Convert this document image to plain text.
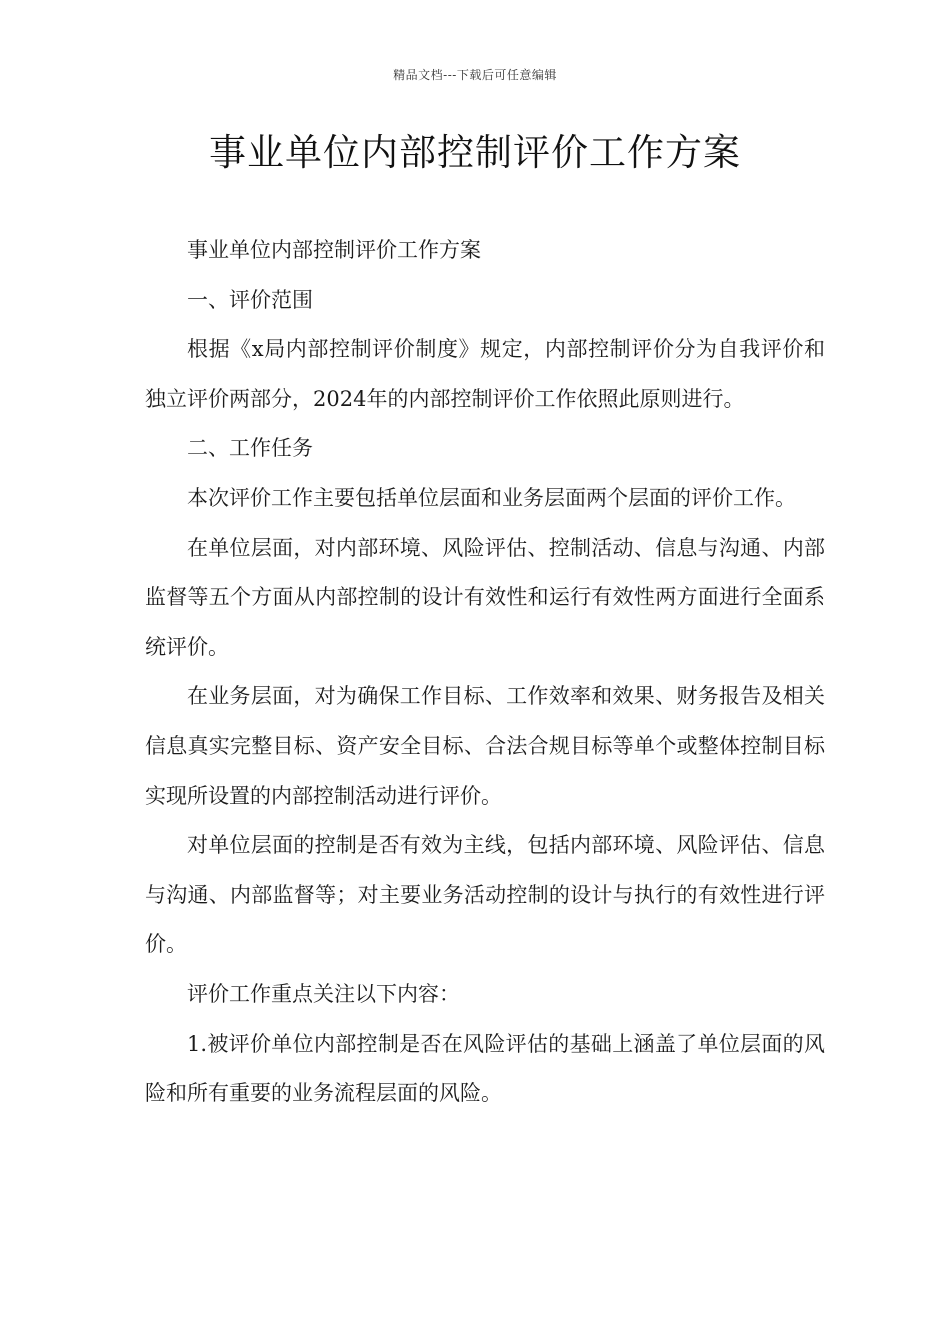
精品文档---下载后可任意编辑
事业单位内部控制评价工作方案

事业单位内部控制评价工作方案

一、评价范围

根据《x局内部控制评价制度》规定，内部控制评价分为自我评价和独立评价两部分，2024年的内部控制评价工作依照此原则进行。

二、工作任务

本次评价工作主要包括单位层面和业务层面两个层面的评价工作。

在单位层面，对内部环境、风险评估、控制活动、信息与沟通、内部监督等五个方面从内部控制的设计有效性和运行有效性两方面进行全面系统评价。

在业务层面，对为确保工作目标、工作效率和效果、财务报告及相关信息真实完整目标、资产安全目标、合法合规目标等单个或整体控制目标实现所设置的内部控制活动进行评价。

对单位层面的控制是否有效为主线，包括内部环境、风险评估、信息与沟通、内部监督等；对主要业务活动控制的设计与执行的有效性进行评价。

评价工作重点关注以下内容：

1.被评价单位内部控制是否在风险评估的基础上涵盖了单位层面的风险和所有重要的业务流程层面的风险。
